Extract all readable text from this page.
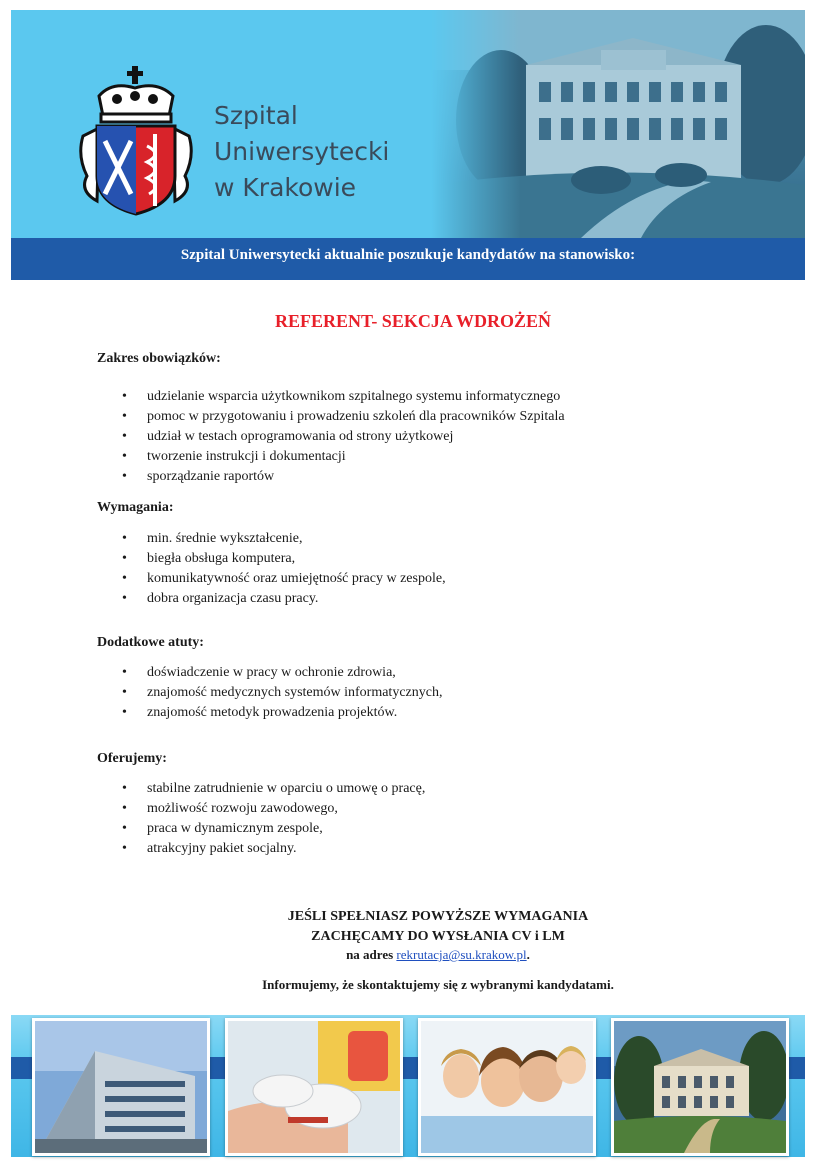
Szpital
Uniwersytecki
w Krakowie
Szpital Uniwersytecki aktualnie poszukuje kandydatów na stanowisko:
REFERENT- SEKCJA WDROŻEŃ
Zakres obowiązków:
• udzielanie wsparcia użytkownikom szpitalnego systemu informatycznego
• pomoc w przygotowaniu i prowadzeniu szkoleń dla pracowników Szpitala
• udział w testach oprogramowania od strony użytkowej
• tworzenie instrukcji i dokumentacji
• sporządzanie raportów
Wymagania:
• min. średnie wykształcenie,
• biegła obsługa komputera,
• komunikatywność oraz umiejętność pracy w zespole,
• dobra organizacja czasu pracy.
Dodatkowe atuty:
• doświadczenie w pracy w ochronie zdrowia,
• znajomość medycznych systemów informatycznych,
• znajomość metodyk prowadzenia projektów.
Oferujemy:
• stabilne zatrudnienie w oparciu o umowę o pracę,
• możliwość rozwoju zawodowego,
• praca w dynamicznym zespole,
• atrakcyjny pakiet socjalny.
JEŚLI SPEŁNIASZ POWYŻSZE WYMAGANIA
ZACHĘCAMY DO WYSŁANIA CV i LM
na adres rekrutacja@su.krakow.pl.
Informujemy, że skontaktujemy się z wybranymi kandydatami.
